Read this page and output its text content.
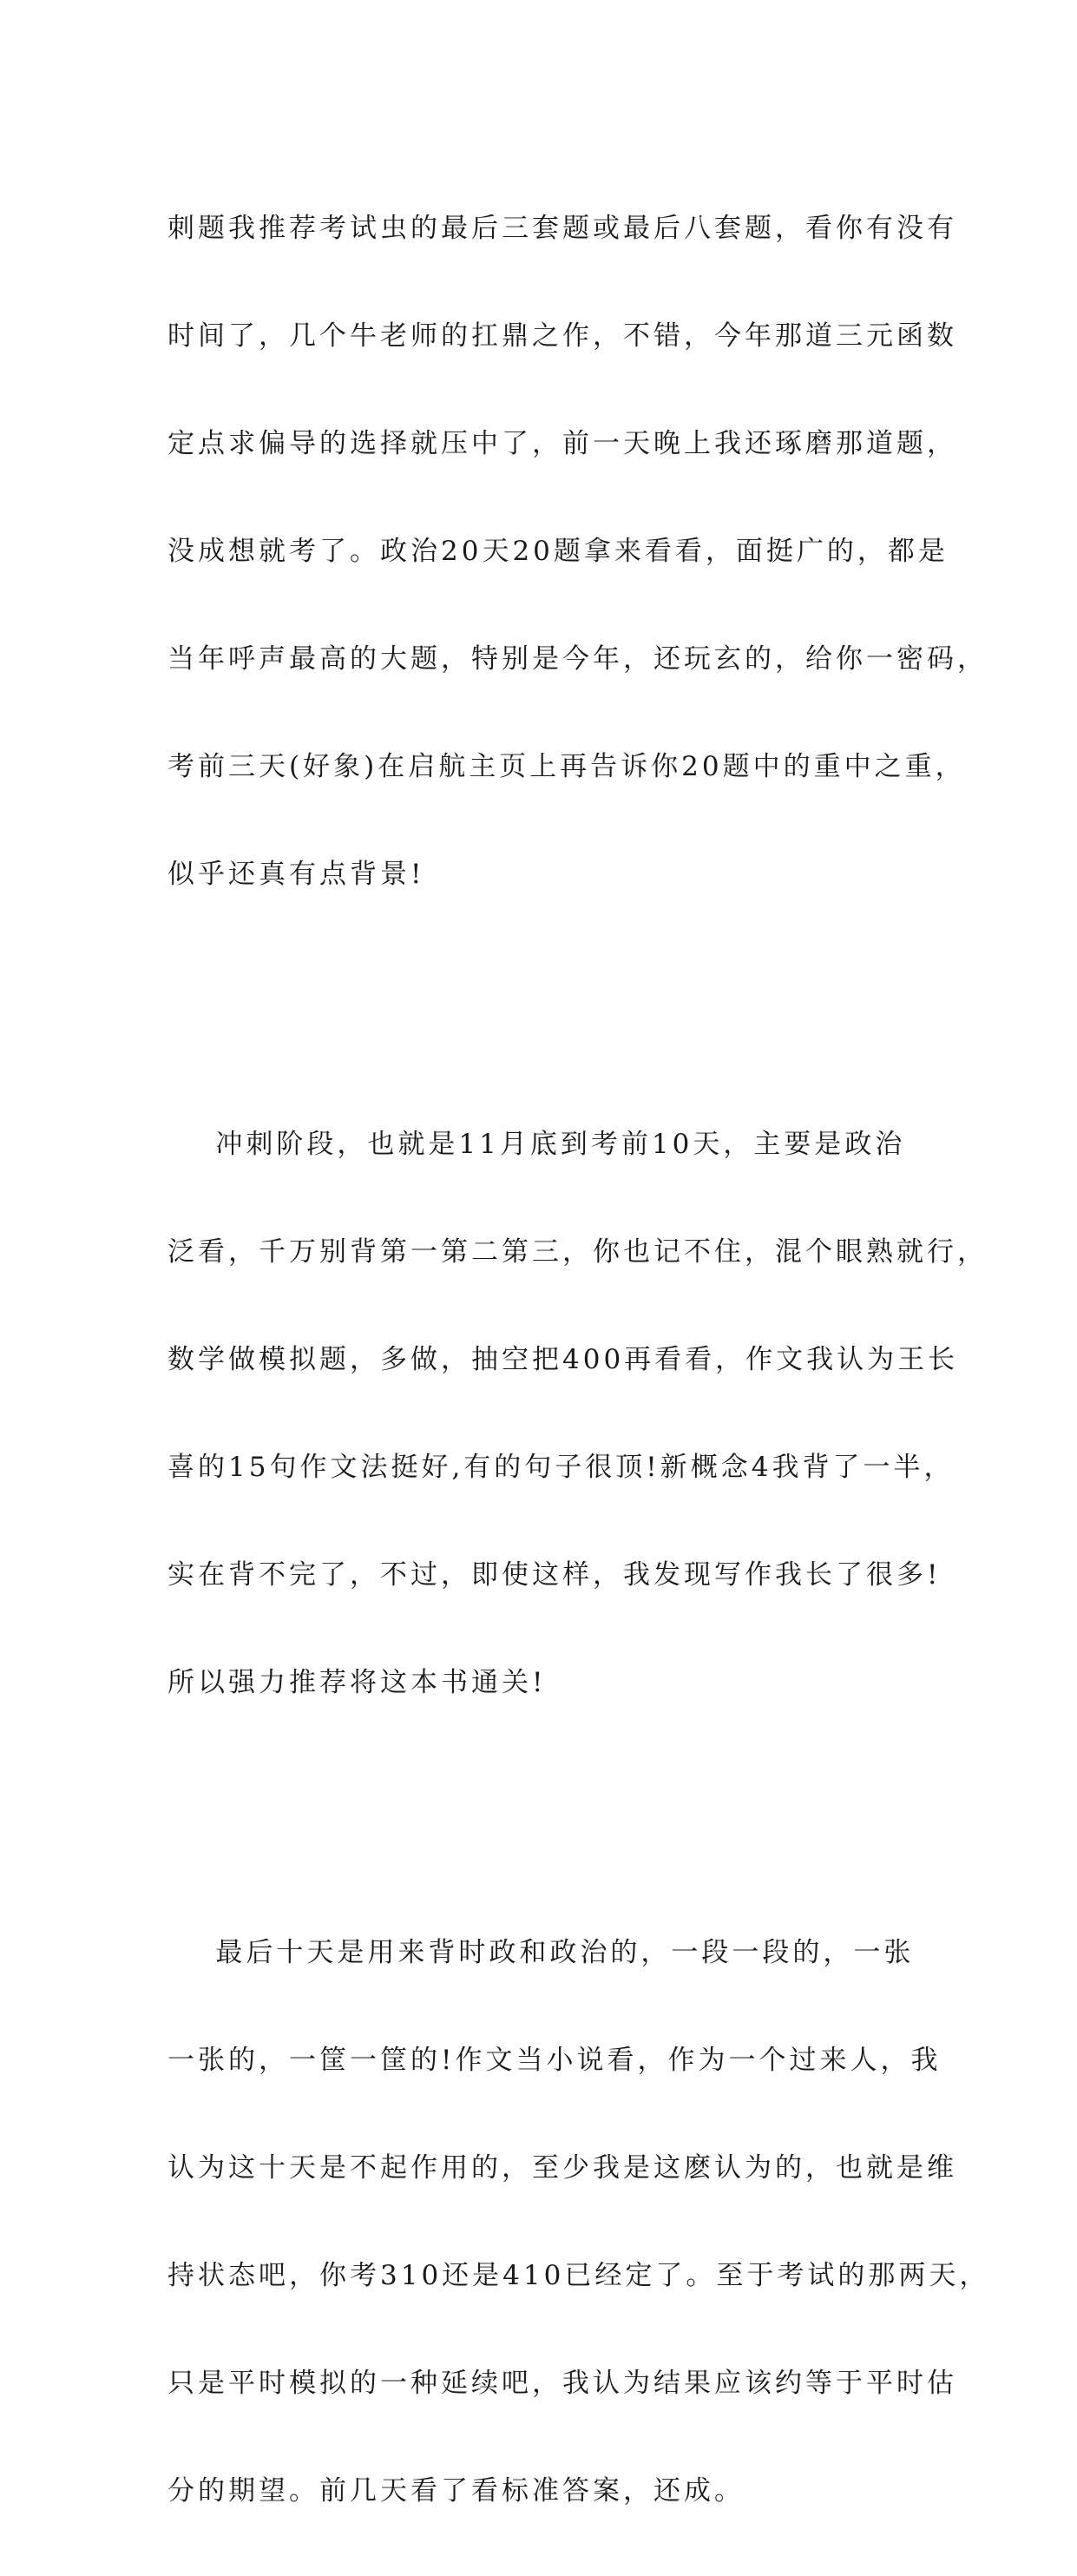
刺题我推荐考试虫的最后三套题或最后八套题，看你有没有

时间了，几个牛老师的扛鼎之作，不错，今年那道三元函数

定点求偏导的选择就压中了，前一天晚上我还琢磨那道题，

没成想就考了。政治20天20题拿来看看，面挺广的，都是

当年呼声最高的大题，特别是今年，还玩玄的，给你一密码，

考前三天(好象)在启航主页上再告诉你20题中的重中之重，

似乎还真有点背景!

冲刺阶段，也就是11月底到考前10天，主要是政治

泛看，千万别背第一第二第三，你也记不住，混个眼熟就行，

数学做模拟题，多做，抽空把400再看看，作文我认为王长

喜的15句作文法挺好,有的句子很顶!新概念4我背了一半，

实在背不完了，不过，即使这样，我发现写作我长了很多!

所以强力推荐将这本书通关!

最后十天是用来背时政和政治的，一段一段的，一张

一张的，一筐一筐的!作文当小说看，作为一个过来人，我

认为这十天是不起作用的，至少我是这麽认为的，也就是维

持状态吧，你考310还是410已经定了。至于考试的那两天，

只是平时模拟的一种延续吧，我认为结果应该约等于平时估

分的期望。前几天看了看标准答案，还成。
